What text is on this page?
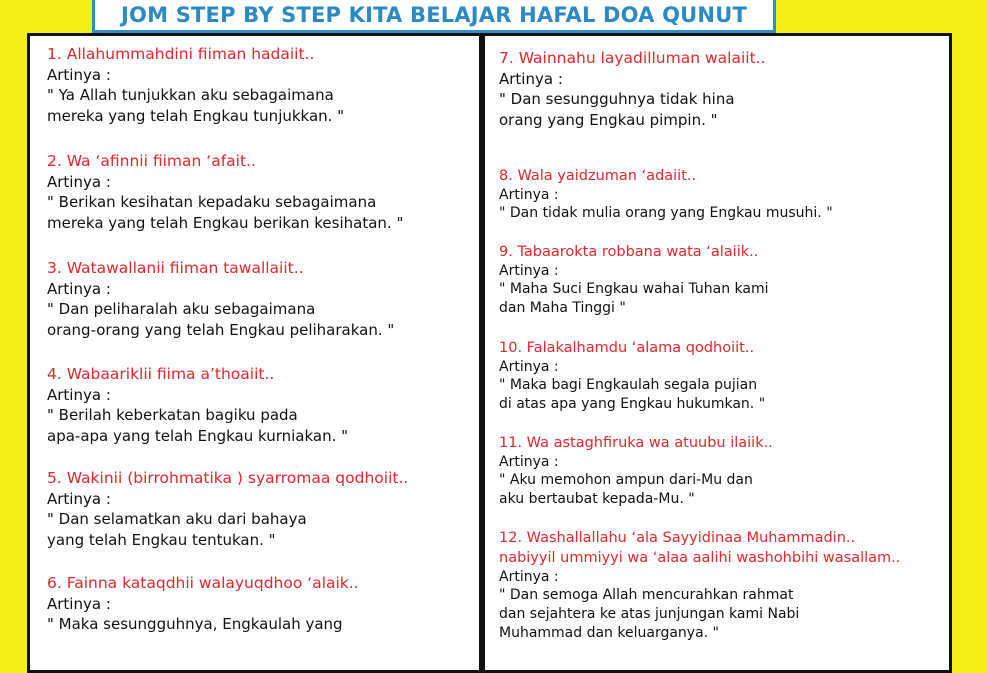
JOM STEP BY STEP KITA BELAJAR HAFAL DOA QUNUT
1. Allahummahdini fiiman hadaiit..
Artinya :
" Ya Allah tunjukkan aku sebagaimana
mereka yang telah Engkau tunjukkan. "
2. Wa ‘afinnii fiiman ‘afait..
Artinya :
" Berikan kesihatan kepadaku sebagaimana
mereka yang telah Engkau berikan kesihatan. "
3. Watawallanii fiiman tawallaiit..
Artinya :
" Dan peliharalah aku sebagaimana
orang-orang yang telah Engkau peliharakan. "
4. Wabaariklii fiima a’thoaiit..
Artinya :
" Berilah keberkatan bagiku pada
apa-apa yang telah Engkau kurniakan. "
5. Wakinii (birrohmatika ) syarromaa qodhoiit..
Artinya :
" Dan selamatkan aku dari bahaya
yang telah Engkau tentukan. "
6. Fainna kataqdhii walayuqdhoo ‘alaik..
Artinya :
" Maka sesungguhnya, Engkaulah yang
7. Wainnahu layadilluman walaiit..
Artinya :
" Dan sesungguhnya tidak hina
orang yang Engkau pimpin. "
8. Wala yaidzuman ‘adaiit..
Artinya :
" Dan tidak mulia orang yang Engkau musuhi. "
9. Tabaarokta robbana wata ‘alaiik..
Artinya :
" Maha Suci Engkau wahai Tuhan kami
dan Maha Tinggi "
10. Falakalhamdu ‘alama qodhoiit..
Artinya :
" Maka bagi Engkaulah segala pujian
di atas apa yang Engkau hukumkan. "
11. Wa astaghfiruka wa atuubu ilaiik..
Artinya :
" Aku memohon ampun dari-Mu dan
aku bertaubat kepada-Mu. "
12. Washallallahu ‘ala Sayyidinaa Muhammadin..
nabiyyil ummiyyi wa ‘alaa aalihi washohbihi wasallam..
Artinya :
" Dan semoga Allah mencurahkan rahmat
dan sejahtera ke atas junjungan kami Nabi
Muhammad dan keluarganya. "
